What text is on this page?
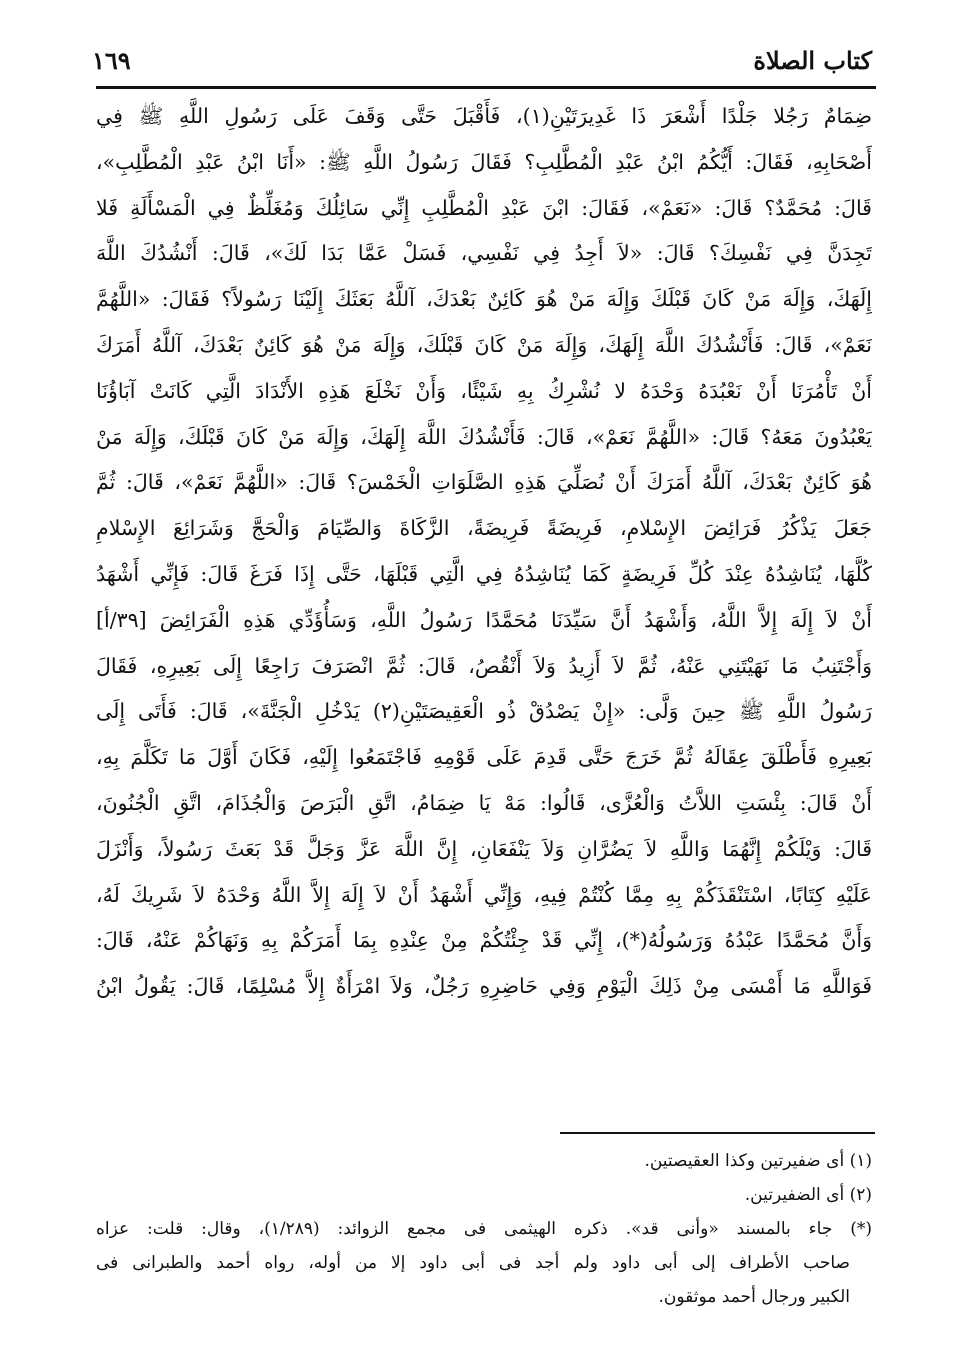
كتاب الصلاة
١٦٩
ضِمَامٌ رَجُلا جَلْدًا أَشْعَرَ ذَا غَدِيرَتَيْنِ(١)، فَأَقْبَلَ حَتَّى وَقَفَ عَلَى رَسُولِ اللَّهِ ﷺ فِي
أَصْحَابِهِ، فَقَالَ: أَيُّكُمُ ابْنُ عَبْدِ الْمُطَّلِبِ؟ فَقَالَ رَسُولُ اللَّهِ ﷺ: «أَنَا ابْنُ عَبْدِ الْمُطَّلِبِ»،
قَالَ: مُحَمَّدٌ؟ قَالَ: «نَعَمْ»، فَقَالَ: ابْنَ عَبْدِ الْمُطَّلِبِ إِنِّي سَائِلُكَ وَمُغَلِّظٌ فِي الْمَسْأَلَةِ فَلا
تَجِدَنَّ فِي نَفْسِكَ؟ قَالَ: «لاَ أَجِدُ فِي نَفْسِي، فَسَلْ عَمَّا بَدَا لَكَ»، قَالَ: أَنْشُدُكَ اللَّهَ
إِلَهَكَ، وَإِلَهَ مَنْ كَانَ قَبْلَكَ وَإِلَهَ مَنْ هُوَ كَائِنٌ بَعْدَكَ، آللَّهُ بَعَثَكَ إِلَيْنَا رَسُولاً؟ فَقَالَ: «اللَّهُمَّ
نَعَمْ»، قَالَ: فَأَنْشُدُكَ اللَّهَ إِلَهَكَ، وَإِلَهَ مَنْ كَانَ قَبْلَكَ، وَإِلَهَ مَنْ هُوَ كَائِنٌ بَعْدَكَ، آللَّهُ أَمَرَكَ
أَنْ تَأْمُرَنَا أَنْ نَعْبُدَهُ وَحْدَهُ لا نُشْرِكُ بِهِ شَيْئًا، وَأَنْ نَخْلَعَ هَذِهِ الأَنْدَادَ الَّتِي كَانَتْ آبَاؤُنَا
يَعْبُدُونَ مَعَهُ؟ قَالَ: «اللَّهُمَّ نَعَمْ»، قَالَ: فَأَنْشُدُكَ اللَّهَ إِلَهَكَ، وَإِلَهَ مَنْ كَانَ قَبْلَكَ، وَإِلَهَ مَنْ
هُوَ كَائِنٌ بَعْدَكَ، آللَّهُ أَمَرَكَ أَنْ نُصَلِّيَ هَذِهِ الصَّلَوَاتِ الْخَمْسَ؟ قَالَ: «اللَّهُمَّ نَعَمْ»، قَالَ: ثُمَّ
جَعَلَ يَذْكُرُ فَرَائِضَ الإِسْلامِ، فَرِيضَةً فَرِيضَةً، الزَّكَاةَ وَالصِّيَامَ وَالْحَجَّ وَشَرَائِعَ الإِسْلامِ
كُلَّهَا، يُنَاشِدُهُ عِنْدَ كُلِّ فَرِيضَةٍ كَمَا يُنَاشِدُهُ فِي الَّتِي قَبْلَهَا، حَتَّى إِذَا فَرَغَ قَالَ: فَإِنِّي أَشْهَدُ
أَنْ لاَ إِلَهَ إِلاَّ اللَّهُ، وَأَشْهَدُ أَنَّ سَيِّدَنَا مُحَمَّدًا رَسُولُ اللَّهِ، وَسَأُؤَدِّي هَذِهِ الْفَرَائِضَ [٣٩/أ]
وَأَجْتَنِبُ مَا نَهَيْتَنِي عَنْهُ، ثُمَّ لاَ أَزِيدُ وَلاَ أَنْقُصُ، قَالَ: ثُمَّ انْصَرَفَ رَاجِعًا إِلَى بَعِيرِهِ، فَقَالَ
رَسُولُ اللَّهِ ﷺ حِينَ وَلَّى: «إِنْ يَصْدُقْ ذُو الْعَقِيصَتَيْنِ(٢) يَدْخُلِ الْجَنَّةَ»، قَالَ: فَأَتَى إِلَى
بَعِيرِهِ فَأَطْلَقَ عِقَالَهُ ثُمَّ خَرَجَ حَتَّى قَدِمَ عَلَى قَوْمِهِ فَاجْتَمَعُوا إِلَيْهِ، فَكَانَ أَوَّلَ مَا تَكَلَّمَ بِهِ،
أَنْ قَالَ: بِئْسَتِ اللاَّتُ وَالْعُزَّى، قَالُوا: مَهْ يَا ضِمَامُ، اتَّقِ الْبَرَصَ وَالْجُذَامَ، اتَّقِ الْجُنُونَ،
قَالَ: وَيْلَكُمْ إِنَّهُمَا وَاللَّهِ لاَ يَضُرَّانِ وَلاَ يَنْفَعَانِ، إِنَّ اللَّهَ عَزَّ وَجَلَّ قَدْ بَعَثَ رَسُولاً، وَأَنْزَلَ
عَلَيْهِ كِتَابًا، اسْتَنْقَذَكُمْ بِهِ مِمَّا كُنْتُمْ فِيهِ، وَإِنِّي أَشْهَدُ أَنْ لاَ إِلَهَ إِلاَّ اللَّهُ وَحْدَهُ لاَ شَرِيكَ لَهُ،
وَأَنَّ مُحَمَّدًا عَبْدُهُ وَرَسُولُهُ(*)، إِنِّي قَدْ جِئْتُكُمْ مِنْ عِنْدِهِ بِمَا أَمَرَكُمْ بِهِ وَنَهَاكُمْ عَنْهُ، قَالَ:
فَوَاللَّهِ مَا أَمْسَى مِنْ ذَلِكَ الْيَوْمِ وَفِي حَاضِرِهِ رَجُلٌ، وَلاَ امْرَأَةٌ إِلاَّ مُسْلِمًا، قَالَ: يَقُولُ ابْنُ
(١) أى ضفيرتين وكذا العقيصتين.
(٢) أى الضفيرتين.
(*) جاء بالمسند «وأنى قد». ذكره الهيثمى فى مجمع الزوائد: (١/٢٨٩)، وقال: قلت: عزاه
صاحب الأطراف إلى أبى داود ولم أجد فى أبى داود إلا من أوله، رواه أحمد والطبرانى فى
الكبير ورجال أحمد موثقون.
